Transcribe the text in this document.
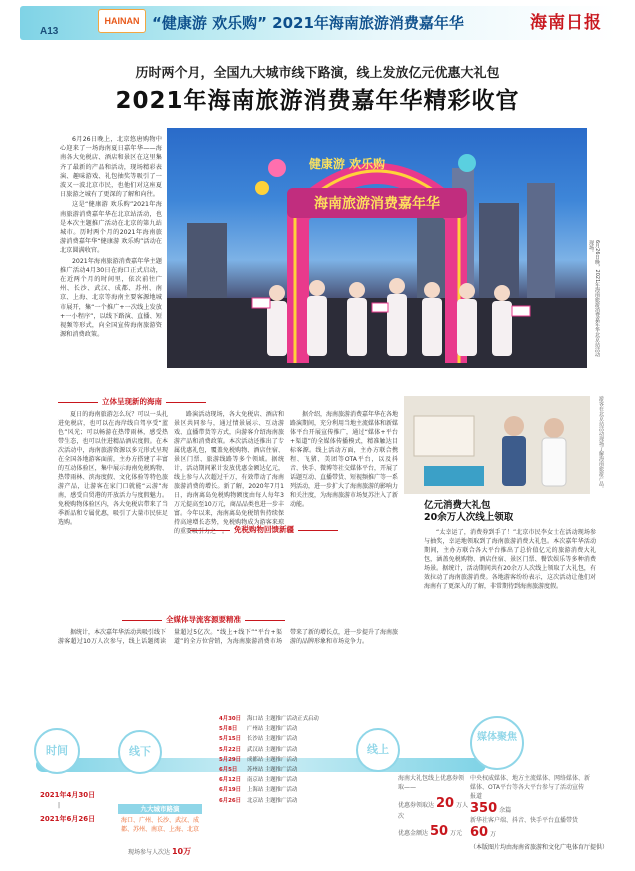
A13
HAINAN “健康游 欢乐购” 2021年海南旅游消费嘉年华	海南日报
历时两个月，全国九大城市线下路演，线上发放亿元优惠大礼包
2021年海南旅游消费嘉年华精彩收官

6月26日晚上，北京悠唐购物中心迎来了一场海南夏日嘉年华——海南各大免税店、酒店和景区在这里集齐了最新的产品和活动，现场精彩表演、趣味游戏、礼包抽奖等吸引了一波又一波北京市民，也他们对这座夏日旅游之城有了更深的了解和向往。

这是“健康游 欢乐购”2021年海南旅游消费嘉年华在北京站活动，也是本次主题推广活动在北京的第九站城市。历时两个月的2021年海南旅游消费嘉年华“健康游 欢乐购”活动在北京圆满收官。

2021年海南旅游消费嘉年华主题推广活动4月30日在海口正式启动，在近两个月的时间里，依次前往广州、长沙、武汉、成都、苏州、南京、上海、北京等海南主要客源地城市展开，集“一个推广+一次线上发放+一小程序”，以线下路演、直播、短视频等形式，向全国宣传海南旅游资源和消费政策。

海南旅游消费嘉年华
健康游 欢乐购
6月26日晚，2021年海南旅游消费嘉年华北京站活动现场。
立体呈现新的海南

夏日的海南旅游怎么玩？可以一头扎进免税店，也可以在海岸线自驾享受“蓝色”风光；可以畅游在热带雨林，感受热带生态，也可以住进精品酒店度假。在本次活动中，海南旅游资源以多元形式呈现在全国各地游客面前，主办方搭建了丰富的互动体验区，集中展示海南免税购物、热带雨林、滨海度假、文化体验等特色旅游产品，让游客在家门口就能“云游”海南，感受自贸港的开放活力与度假魅力。免税购物体验区内，各大免税店带来了当季新品和专属优惠，吸引了大量市民驻足选购。

路演活动现场，各大免税店、酒店和景区共同参与，通过情景展示、互动游戏、直播带货等方式，向游客介绍海南旅游产品和消费政策。本次活动还推出了专属优惠礼包，覆盖免税购物、酒店住宿、景区门票、旅游线路等多个领域。据统计，活动期间累计发放优惠金额达亿元，线上参与人次超过千万，有效带动了海南旅游消费的增长。新了解，2020年7月1日，海南离岛免税购物额度由每人每年3万元提高至10万元，商品品类也进一步丰富。今年以来，海南离岛免税销售持续保持高速增长态势，免税购物成为游客来琼的重要吸引力之一。

据介绍，海南旅游消费嘉年华在各地路演期间，充分利用当地主流媒体和新媒体平台开展宣传推广，通过“媒体+平台+渠道”的全媒体传播模式，精准触达目标客源。线上活动方面，主办方联合携程、飞猪、美团等OTA平台，以及抖音、快手、微博等社交媒体平台，开展了话题互动、直播带货、短视频推广等一系列活动，进一步扩大了海南旅游的影响力和关注度，为海南旅游市场复苏注入了新动能。

免税购物回馈新疆
全媒体导流客源要精准

据统计，本次嘉年华活动共吸引线下游客超过10万人次参与，线上话题阅读量超过5亿次。“线上+线下”“平台+渠道”的全方位营销，为海南旅游消费市场带来了新的增长点，进一步提升了海南旅游的品牌形象和市场竞争力。

游客在北京站活动现场了解海南旅游产品。
亿元消费大礼包
20余万人次线上领取

“太幸运了，消费券到手了！”北京市民李女士在活动现场参与抽奖，幸运地领取到了海南旅游消费大礼包。本次嘉年华活动期间，主办方联合各大平台推出了总价值亿元的旅游消费大礼包，涵盖免税购物、酒店住宿、景区门票、餐饮娱乐等多种消费场景。据统计，活动期间共有20余万人次线上领取了大礼包，有效拉动了海南旅游消费。各地游客纷纷表示，这次活动让他们对海南有了更深入的了解，非常期待到海南旅游度假。

（本版图片均由海南省旅游和文化广电体育厅提供）
时间	线下
2021年4月30日
|
2021年6月26日
九大城市路演
海口、广州、长沙、武汉、成都、苏州、南京、上海、北京
现场参与人次达 10万
4月30日	海口站 主题推广活动正式启动
5月8日	广州站 主题推广活动
5月15日	长沙站 主题推广活动
5月22日	武汉站 主题推广活动
5月29日	成都站 主题推广活动
6月5日	苏州站 主题推广活动
6月12日	南京站 主题推广活动
6月19日	上海站 主题推广活动
6月26日	北京站 主题推广活动
线上
媒体聚焦
海南大礼包线上优惠券领取——
优惠券领取达 20 万人次
优惠金额达 50 万元
中央权威媒体、地方主流媒体、网络媒体、新媒体、OTA平台等各大平台参与了活动宣传报道
350 余篇
新华社客户端、抖音、快手平台直播带货
60 万
